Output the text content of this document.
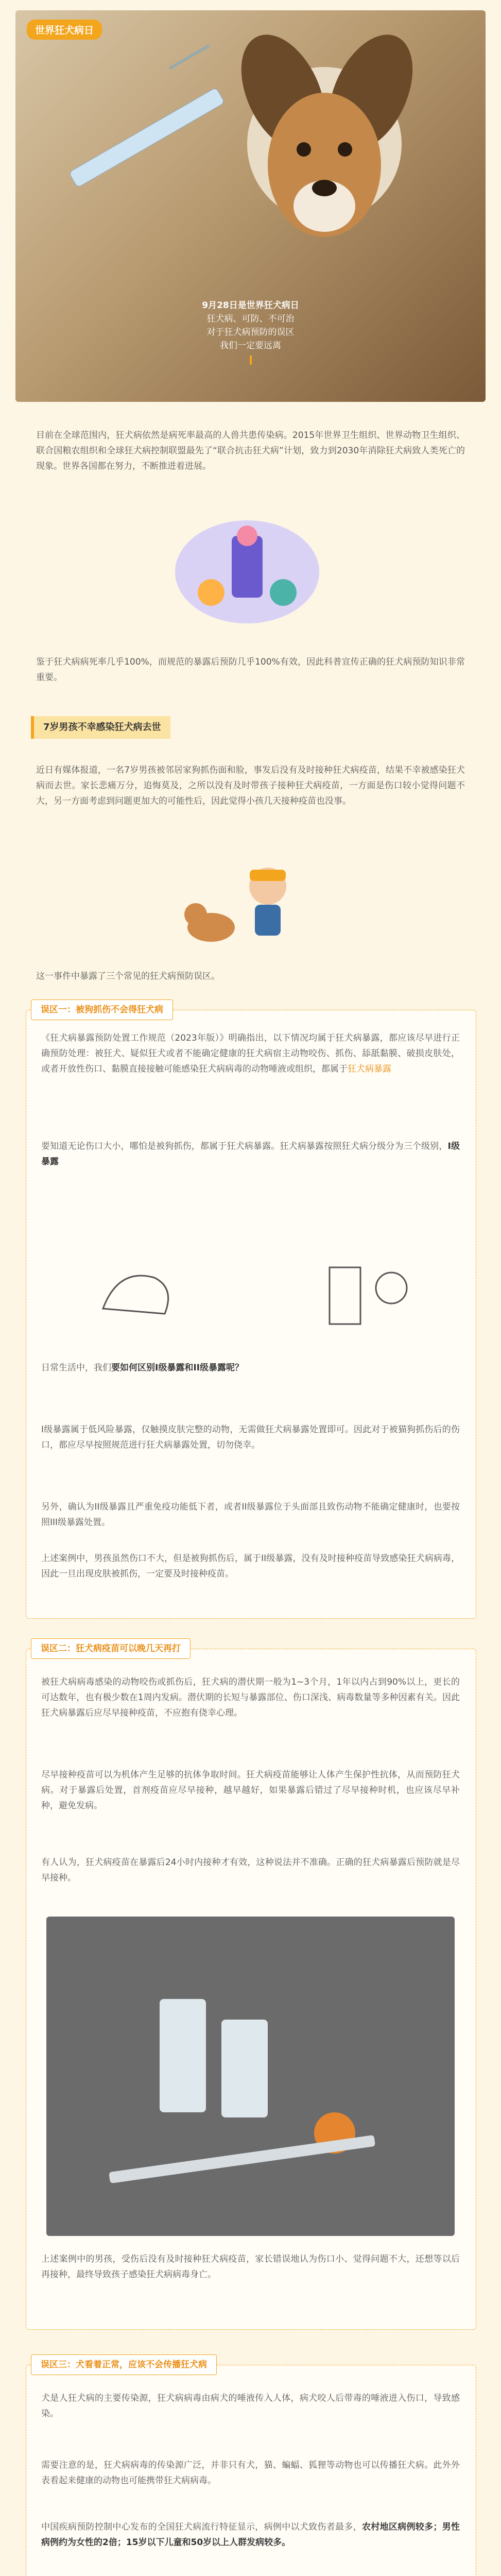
世界狂犬病日
9月28日是世界狂犬病日
狂犬病、可防、不可治
对于狂犬病预防的误区
我们一定要远离
目前在全球范围内，狂犬病依然是病死率最高的人兽共患传染病。2015年世界卫生组织、世界动物卫生组织、联合国粮农组织和全球狂犬病控制联盟最先了“联合抗击狂犬病”计划，致力到2030年消除狂犬病致人类死亡的现象。世界各国都在努力，不断推进着进展。
鉴于狂犬病病死率几乎100%，而规范的暴露后预防几乎100%有效，因此科普宣传正确的狂犬病预防知识非常重要。
7岁男孩不幸感染狂犬病去世
近日有媒体报道，一名7岁男孩被邻居家狗抓伤面和脸，事发后没有及时接种狂犬病疫苗，结果不幸被感染狂犬病而去世。家长悲痛万分，追悔莫及，之所以没有及时带孩子接种狂犬病疫苗，一方面是伤口较小觉得问题不大，另一方面考虑到问题更加大的可能性后，因此觉得小孩几天接种疫苗也没事。
这一事件中暴露了三个常见的狂犬病预防误区。
误区一：被狗抓伤不会得狂犬病
《狂犬病暴露预防处置工作规范（2023年版）》明确指出，以下情况均属于狂犬病暴露，都应该尽早进行正确预防处理：被狂犬、疑似狂犬或者不能确定健康的狂犬病宿主动物咬伤、抓伤、舔舐黏膜、破损皮肤处，或者开放性伤口、黏膜直接接触可能感染狂犬病病毒的动物唾液或组织，都属于狂犬病暴露
要知道无论伤口大小，哪怕是被狗抓伤，都属于狂犬病暴露。狂犬病暴露按照狂犬病分级分为三个级别，I级暴露
日常生活中，我们要如何区别I级暴露和II级暴露呢？
I级暴露属于低风险暴露，仅触摸皮肤完整的动物，无需做狂犬病暴露处置即可。因此对于被猫狗抓伤后的伤口，都应尽早按照规范进行狂犬病暴露处置，切勿侥幸。
另外，确认为II级暴露且严重免疫功能低下者，或者II级暴露位于头面部且致伤动物不能确定健康时，也要按照III级暴露处置。
上述案例中，男孩虽然伤口不大，但是被狗抓伤后，属于II级暴露，没有及时接种疫苗导致感染狂犬病病毒，因此一旦出现皮肤被抓伤，一定要及时接种疫苗。
误区二：狂犬病疫苗可以晚几天再打
被狂犬病病毒感染的动物咬伤或抓伤后，狂犬病的潜伏期一般为1~3个月，1年以内占到90%以上，更长的可达数年，也有极少数在1周内发病。潜伏期的长短与暴露部位、伤口深浅、病毒数量等多种因素有关。因此狂犬病暴露后应尽早接种疫苗，不应抱有侥幸心理。
尽早接种疫苗可以为机体产生足够的抗体争取时间。狂犬病疫苗能够让人体产生保护性抗体，从而预防狂犬病。对于暴露后处置，首剂疫苗应尽早接种，越早越好，如果暴露后错过了尽早接种时机，也应该尽早补种，避免发病。
有人认为，狂犬病疫苗在暴露后24小时内接种才有效，这种说法并不准确。正确的狂犬病暴露后预防就是尽早接种。
上述案例中的男孩，受伤后没有及时接种狂犬病疫苗，家长错误地认为伤口小、觉得问题不大，还想等以后再接种，最终导致孩子感染狂犬病病毒身亡。
误区三：犬看着正常，应该不会传播狂犬病
犬是人狂犬病的主要传染源，狂犬病病毒由病犬的唾液传入人体，病犬咬人后带毒的唾液进入伤口，导致感染。
需要注意的是，狂犬病病毒的传染源广泛，并非只有犬，猫、蝙蝠、狐狸等动物也可以传播狂犬病。此外外表看起来健康的动物也可能携带狂犬病病毒。
中国疾病预防控制中心发布的全国狂犬病流行特征显示，病例中以犬致伤者最多，农村地区病例较多；男性病例约为女性的2倍；15岁以下儿童和50岁以上人群发病较多。
